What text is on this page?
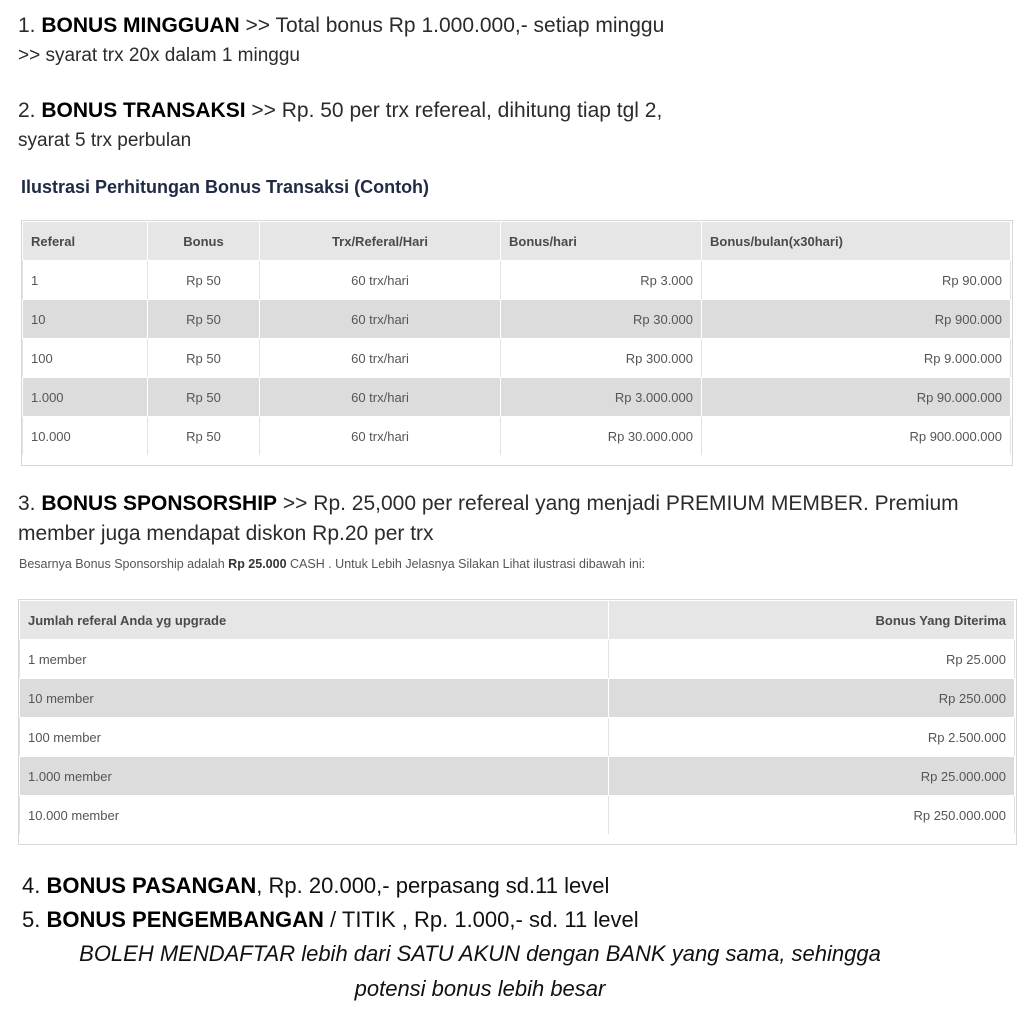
1. BONUS MINGGUAN >> Total bonus Rp 1.000.000,- setiap minggu
>> syarat trx 20x dalam 1 minggu
2. BONUS TRANSAKSI >> Rp. 50 per trx refereal, dihitung tiap tgl 2,
syarat 5 trx perbulan
Ilustrasi Perhitungan Bonus Transaksi (Contoh)
Referal	Bonus	Trx/Referal/Hari	Bonus/hari	Bonus/bulan(x30hari)
1	Rp 50	60 trx/hari	Rp 3.000	Rp 90.000
10	Rp 50	60 trx/hari	Rp 30.000	Rp 900.000
100	Rp 50	60 trx/hari	Rp 300.000	Rp 9.000.000
1.000	Rp 50	60 trx/hari	Rp 3.000.000	Rp 90.000.000
10.000	Rp 50	60 trx/hari	Rp 30.000.000	Rp 900.000.000
3. BONUS SPONSORSHIP >> Rp. 25,000 per refereal yang menjadi PREMIUM MEMBER. Premium
member juga mendapat diskon Rp.20 per trx
Besarnya Bonus Sponsorship adalah Rp 25.000 CASH . Untuk Lebih Jelasnya Silakan Lihat ilustrasi dibawah ini:
Jumlah referal Anda yg upgrade	Bonus Yang Diterima
1 member	Rp 25.000
10 member	Rp 250.000
100 member	Rp 2.500.000
1.000 member	Rp 25.000.000
10.000 member	Rp 250.000.000
4. BONUS PASANGAN, Rp. 20.000,- perpasang sd.11 level
5. BONUS PENGEMBANGAN / TITIK , Rp. 1.000,- sd. 11 level
BOLEH MENDAFTAR lebih dari SATU AKUN dengan BANK yang sama, sehingga
potensi bonus lebih besar
